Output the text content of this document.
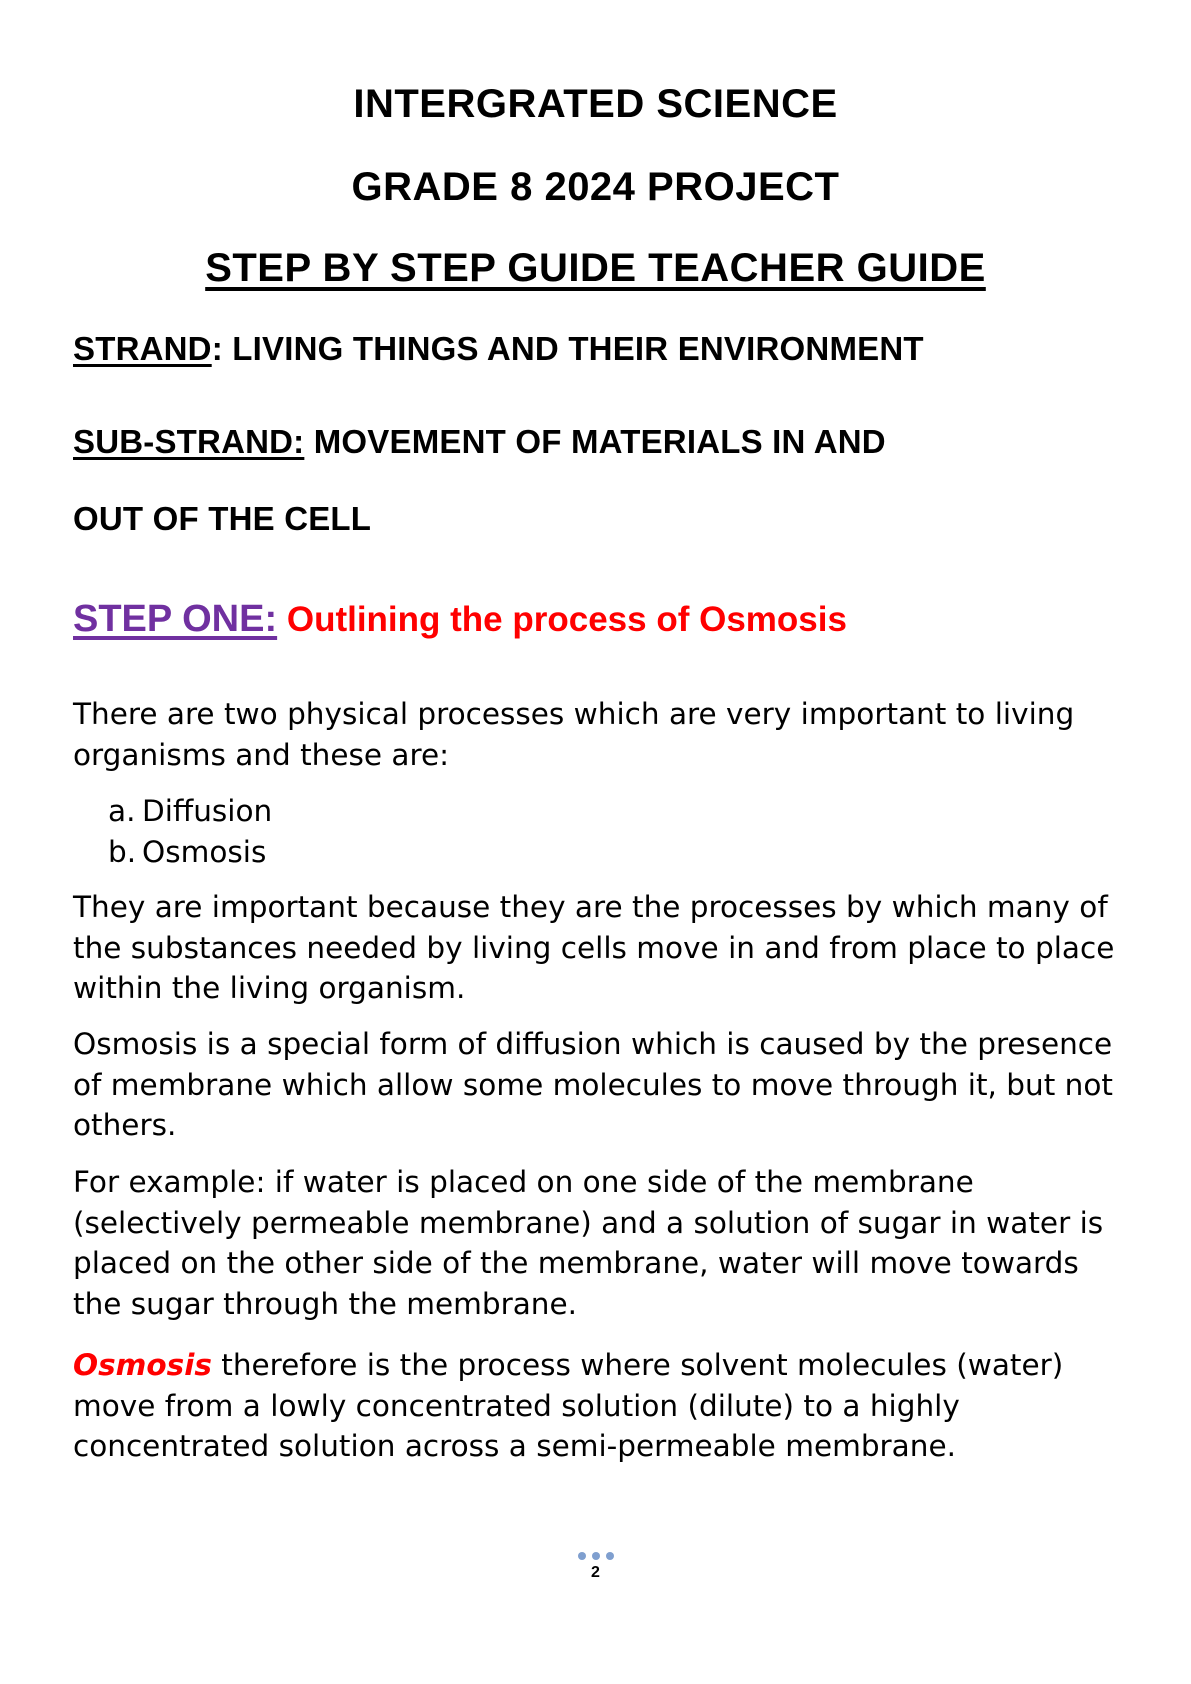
INTERGRATED SCIENCE
GRADE 8 2024 PROJECT
STEP BY STEP GUIDE TEACHER GUIDE
STRAND: LIVING THINGS AND THEIR ENVIRONMENT
SUB-STRAND: MOVEMENT OF MATERIALS IN AND
OUT OF THE CELL
STEP ONE: Outlining the process of Osmosis

There are two physical processes which are very important to living organisms and these are:

a. Diffusion
b. Osmosis

They are important because they are the processes by which many of the substances needed by living cells move in and from place to place within the living organism.

Osmosis is a special form of diffusion which is caused by the presence of membrane which allow some molecules to move through it, but not others.

For example: if water is placed on one side of the membrane (selectively permeable membrane) and a solution of sugar in water is placed on the other side of the membrane, water will move towards the sugar through the membrane.

Osmosis therefore is the process where solvent molecules (water) move from a lowly concentrated solution (dilute) to a highly concentrated solution across a semi-permeable membrane.

2
